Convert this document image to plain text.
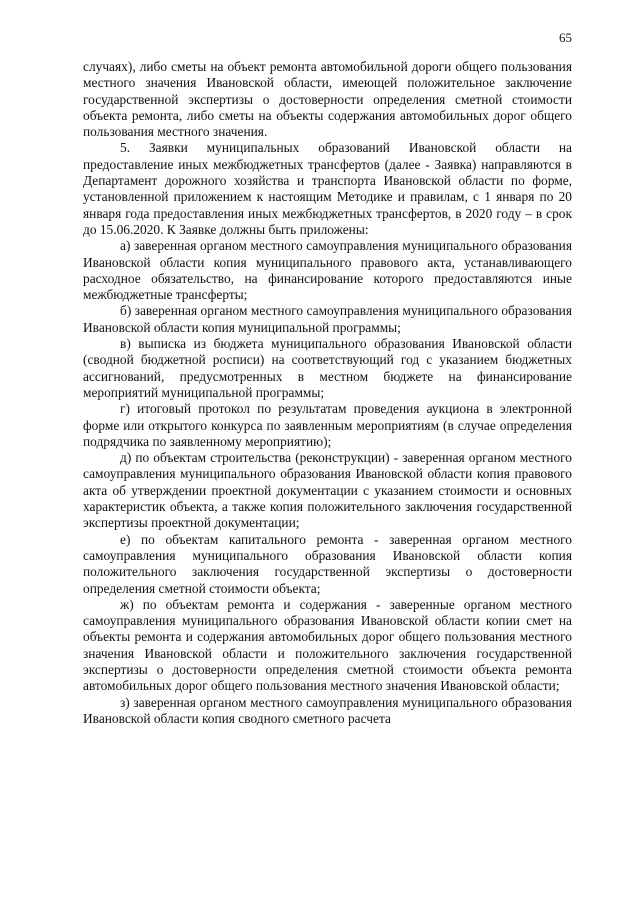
65

случаях), либо сметы на объект ремонта автомобильной дороги общего пользования местного значения Ивановской области, имеющей положительное заключение государственной экспертизы о достоверности определения сметной стоимости объекта ремонта, либо сметы на объекты содержания автомобильных дорог общего пользования местного значения.

5. Заявки муниципальных образований Ивановской области на предоставление иных межбюджетных трансфертов (далее - Заявка) направляются в Департамент дорожного хозяйства и транспорта Ивановской области по форме, установленной приложением к настоящим Методике и правилам, с 1 января по 20 января года предоставления иных межбюджетных трансфертов, в 2020 году – в срок до 15.06.2020. К Заявке должны быть приложены:

а) заверенная органом местного самоуправления муниципального образования Ивановской области копия муниципального правового акта, устанавливающего расходное обязательство, на финансирование которого предоставляются иные межбюджетные трансферты;

б) заверенная органом местного самоуправления муниципального образования Ивановской области копия муниципальной программы;

в) выписка из бюджета муниципального образования Ивановской области (сводной бюджетной росписи) на соответствующий год с указанием бюджетных ассигнований, предусмотренных в местном бюджете на финансирование мероприятий муниципальной программы;

г) итоговый протокол по результатам проведения аукциона в электронной форме или открытого конкурса по заявленным мероприятиям (в случае определения подрядчика по заявленному мероприятию);

д) по объектам строительства (реконструкции) - заверенная органом местного самоуправления муниципального образования Ивановской области копия правового акта об утверждении проектной документации с указанием стоимости и основных характеристик объекта, а также копия положительного заключения государственной экспертизы проектной документации;

е) по объектам капитального ремонта - заверенная органом местного самоуправления муниципального образования Ивановской области копия положительного заключения государственной экспертизы о достоверности определения сметной стоимости объекта;

ж) по объектам ремонта и содержания - заверенные органом местного самоуправления муниципального образования Ивановской области копии смет на объекты ремонта и содержания автомобильных дорог общего пользования местного значения Ивановской области и положительного заключения государственной экспертизы о достоверности определения сметной стоимости объекта ремонта автомобильных дорог общего пользования местного значения Ивановской области;

з) заверенная органом местного самоуправления муниципального образования Ивановской области копия сводного сметного расчета
